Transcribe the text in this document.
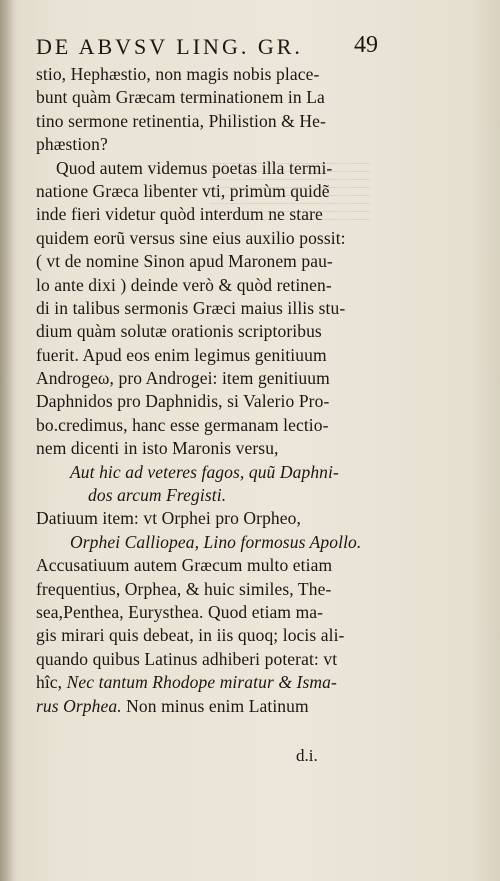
DE ABVSV LING. GR. 49
stio, Hephæstio, non magis nobis place-
bunt quàm Græcam terminationem in La
tino sermone retinentia, Philistion & He-
phæstion?
Quod autem videmus poetas illa termi-
natione Græca libenter vti, primùm quidẽ
inde fieri videtur quòd interdum ne stare
quidem eorũ versus sine eius auxilio possit:
( vt de nomine Sinon apud Maronem pau-
lo ante dixi ) deinde verò & quòd retinen-
di in talibus sermonis Græci maius illis stu-
dium quàm solutæ orationis scriptoribus
fuerit. Apud eos enim legimus genitiuum
Androgeω, pro Androgei: item genitiuum
Daphnidos pro Daphnidis, si Valerio Pro-
bo.credimus, hanc esse germanam lectio-
nem dicenti in isto Maronis versu,
Aut hic ad veteres fagos, quũ Daphni-
dos arcum Fregisti.
Datiuum item: vt Orphei pro Orpheo,
Orphei Calliopea, Lino formosus Apollo.
Accusatiuum autem Græcum multo etiam
frequentius, Orphea, & huic similes, The-
sea,Penthea, Eurysthea. Quod etiam ma-
gis mirari quis debeat, in iis quoq; locis ali-
quando quibus Latinus adhiberi poterat: vt
hîc, Nec tantum Rhodope miratur & Isma-
rus Orphea. Non minus enim Latinum
d.i.
